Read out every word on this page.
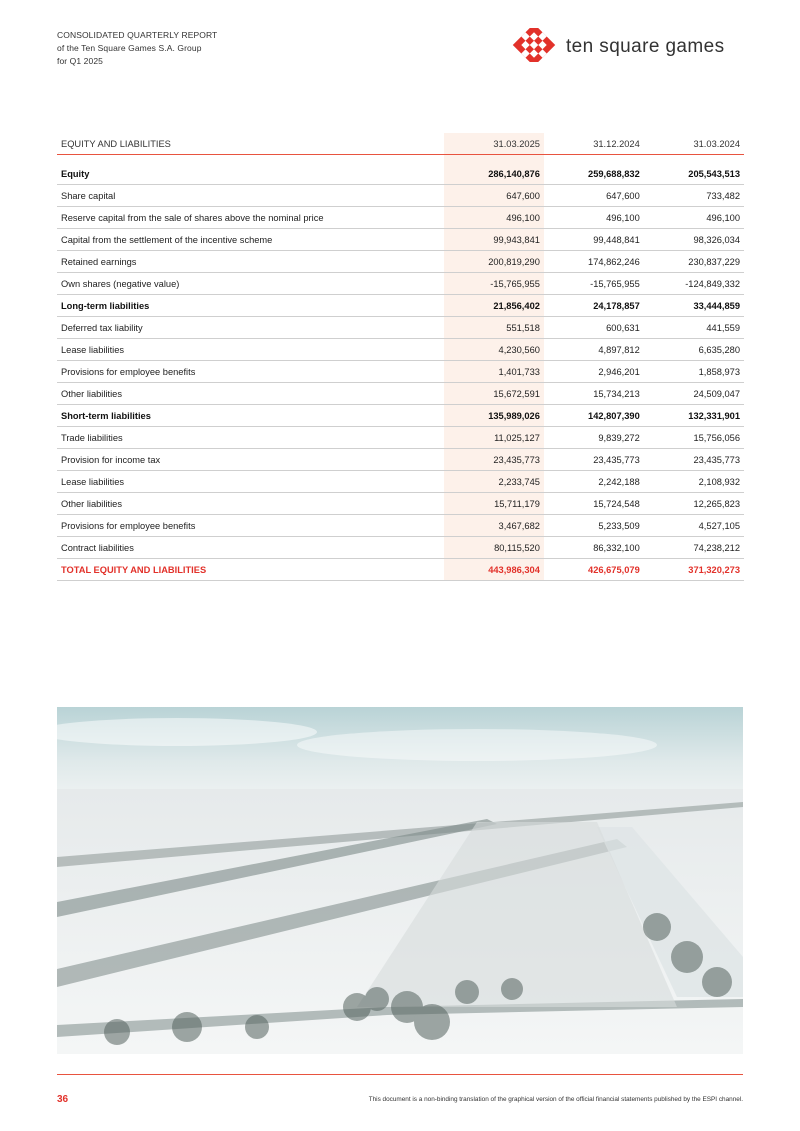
CONSOLIDATED QUARTERLY REPORT
of the Ten Square Games S.A. Group
for Q1 2025
ten square games
EQUITY AND LIABILITIES	31.03.2025	31.12.2024	31.03.2024

Equity	286,140,876	259,688,832	205,543,513
Share capital	647,600	647,600	733,482
Reserve capital from the sale of shares above the nominal price	496,100	496,100	496,100
Capital from the settlement of the incentive scheme	99,943,841	99,448,841	98,326,034
Retained earnings	200,819,290	174,862,246	230,837,229
Own shares (negative value)	-15,765,955	-15,765,955	-124,849,332
Long-term liabilities	21,856,402	24,178,857	33,444,859
Deferred tax liability	551,518	600,631	441,559
Lease liabilities	4,230,560	4,897,812	6,635,280
Provisions for employee benefits	1,401,733	2,946,201	1,858,973
Other liabilities	15,672,591	15,734,213	24,509,047
Short-term liabilities	135,989,026	142,807,390	132,331,901
Trade liabilities	11,025,127	9,839,272	15,756,056
Provision for income tax	23,435,773	23,435,773	23,435,773
Lease liabilities	2,233,745	2,242,188	2,108,932
Other liabilities	15,711,179	15,724,548	12,265,823
Provisions for employee benefits	3,467,682	5,233,509	4,527,105
Contract liabilities	80,115,520	86,332,100	74,238,212
TOTAL EQUITY AND LIABILITIES	443,986,304	426,675,079	371,320,273
36	This document is a non-binding translation of the graphical version of the official financial statements published by the ESPI channel.
